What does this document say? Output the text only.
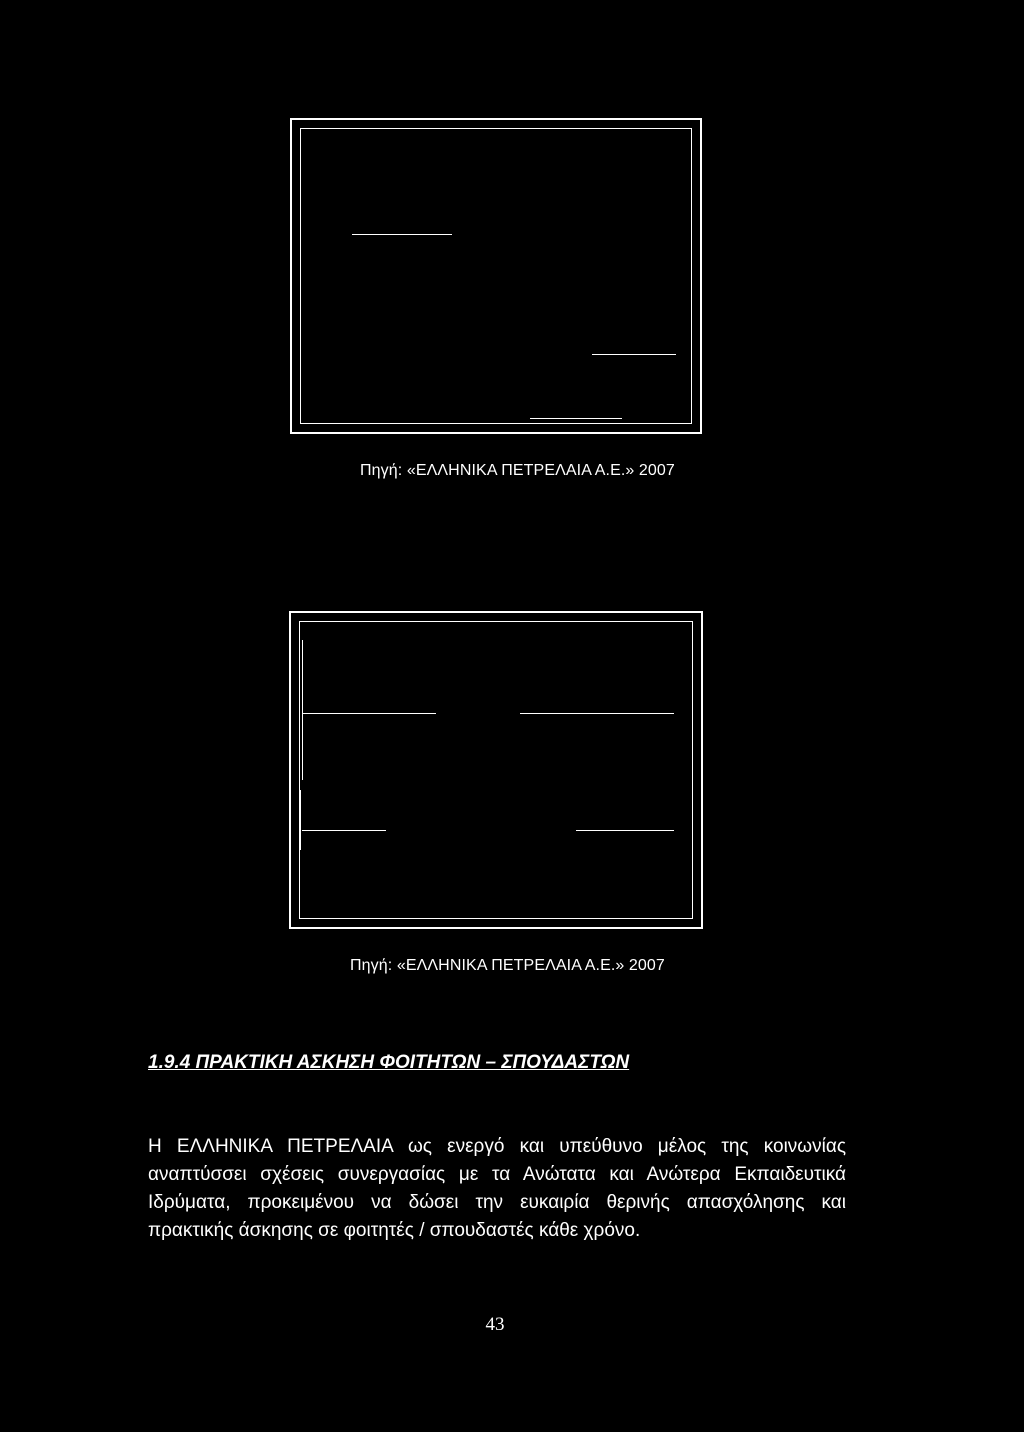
Πηγή: «ΕΛΛΗΝΙΚΑ ΠΕΤΡΕΛΑΙΑ Α.Ε.» 2007
Πηγή: «ΕΛΛΗΝΙΚΑ ΠΕΤΡΕΛΑΙΑ Α.Ε.» 2007
1.9.4 ΠΡΑΚΤΙΚΗ ΑΣΚΗΣΗ ΦΟΙΤΗΤΩΝ – ΣΠΟΥΔΑΣΤΩΝ
Η ΕΛΛΗΝΙΚΑ ΠΕΤΡΕΛΑΙΑ ως ενεργό και υπεύθυνο μέλος της κοινωνίας
αναπτύσσει σχέσεις συνεργασίας με τα Ανώτατα και Ανώτερα Εκπαιδευτικά
Ιδρύματα, προκειμένου να δώσει την ευκαιρία θερινής απασχόλησης και
πρακτικής άσκησης σε φοιτητές / σπουδαστές κάθε χρόνο.
43
